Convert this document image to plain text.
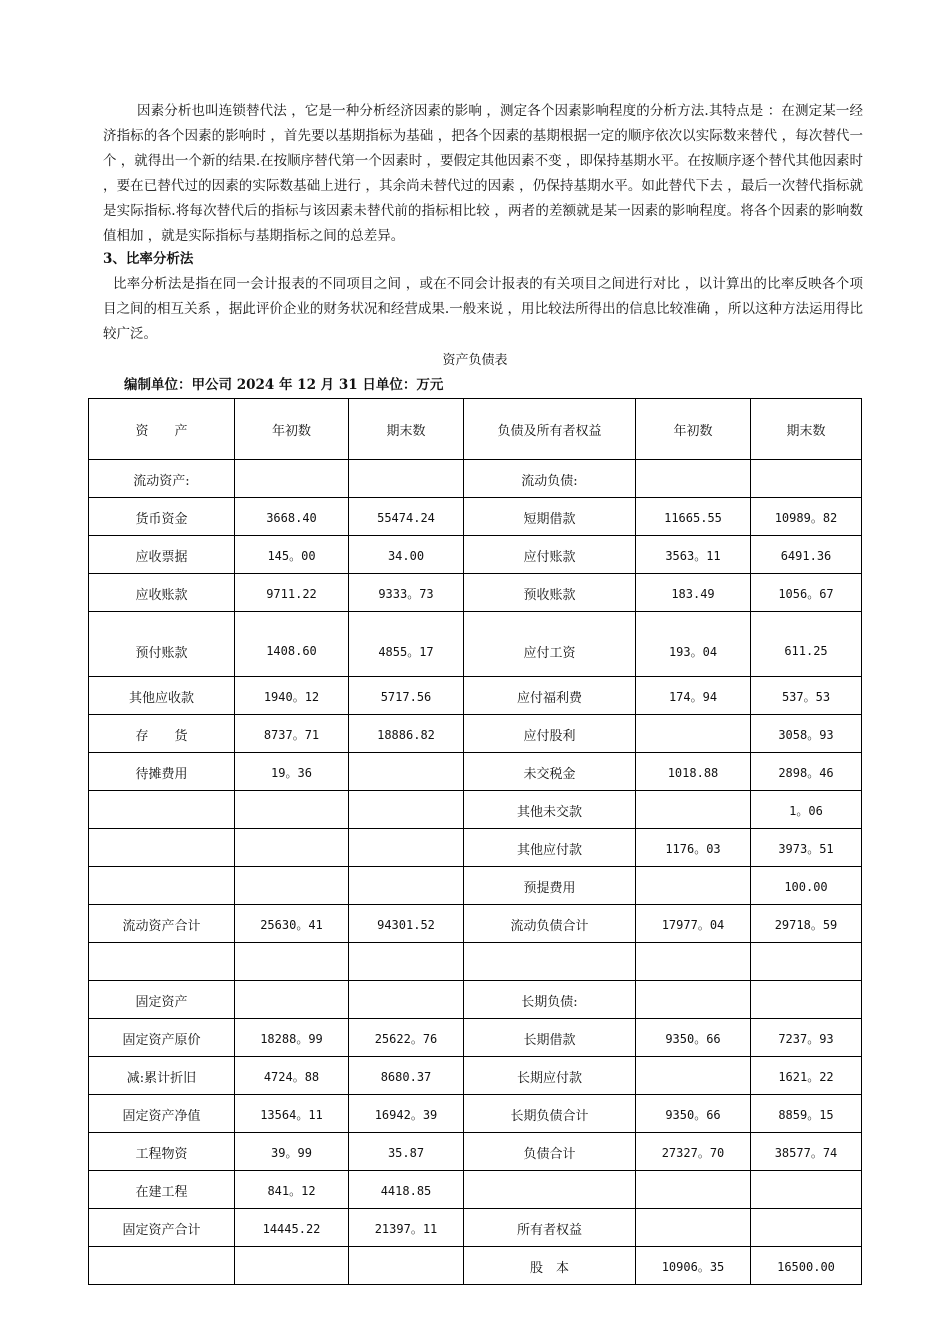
因素分析也叫连锁替代法 ，它是一种分析经济因素的影响 ，测定各个因素影响程度的分析方法.其特点是 ：在测定某一经济指标的各个因素的影响时 ，首先要以基期指标为基础 ，把各个因素的基期根据一定的顺序依次以实际数来替代 ，每次替代一个 ，就得出一个新的结果.在按顺序替代第一个因素时 ，要假定其他因素不变 ，即保持基期水平。在按顺序逐个替代其他因素时 ，要在已替代过的因素的实际数基础上进行 ，其余尚未替代过的因素 ，仍保持基期水平。如此替代下去 ，最后一次替代指标就是实际指标.将每次替代后的指标与该因素未替代前的指标相比较 ，两者的差额就是某一因素的影响程度。将各个因素的影响数值相加 ，就是实际指标与基期指标之间的总差异。

3、比率分析法

比率分析法是指在同一会计报表的不同项目之间 ，或在不同会计报表的有关项目之间进行对比 ，以计算出的比率反映各个项目之间的相互关系 ，据此评价企业的财务状况和经营成果.一般来说 ，用比较法所得出的信息比较准确 ，所以这种方法运用得比较广泛。

资产负债表

编制单位：甲公司 2024 年 12 月 31 日单位：万元

资　　产	年初数	期末数	负债及所有者权益	年初数	期末数
流动资产:			流动负债:		
货币资金	3668.40	55474.24	短期借款	11665.55	10989。82
应收票据	145。00	34.00	应付账款	3563。11	6491.36
应收账款	9711.22	9333。73	预收账款	183.49	1056。67
预付账款	1408.60	4855。17	应付工资	193。04	611.25
其他应收款	1940。12	5717.56	应付福利费	174。94	537。53
存　　货	8737。71	18886.82	应付股利		3058。93
待摊费用	19。36		未交税金	1018.88	2898。46
			其他未交款		1。06
			其他应付款	1176。03	3973。51
			预提费用		100.00
流动资产合计	25630。41	94301.52	流动负债合计	17977。04	29718。59

固定资产			长期负债:		
固定资产原价	18288。99	25622。76	长期借款	9350。66	7237。93
减:累计折旧	4724。88	8680.37	长期应付款		1621。22
固定资产净值	13564。11	16942。39	长期负债合计	9350。66	8859。15
工程物资	39。99	35.87	负债合计	27327。70	38577。74
在建工程	841。12	4418.85			
固定资产合计	14445.22	21397。11	所有者权益		
			股　本	10906。35	16500.00
